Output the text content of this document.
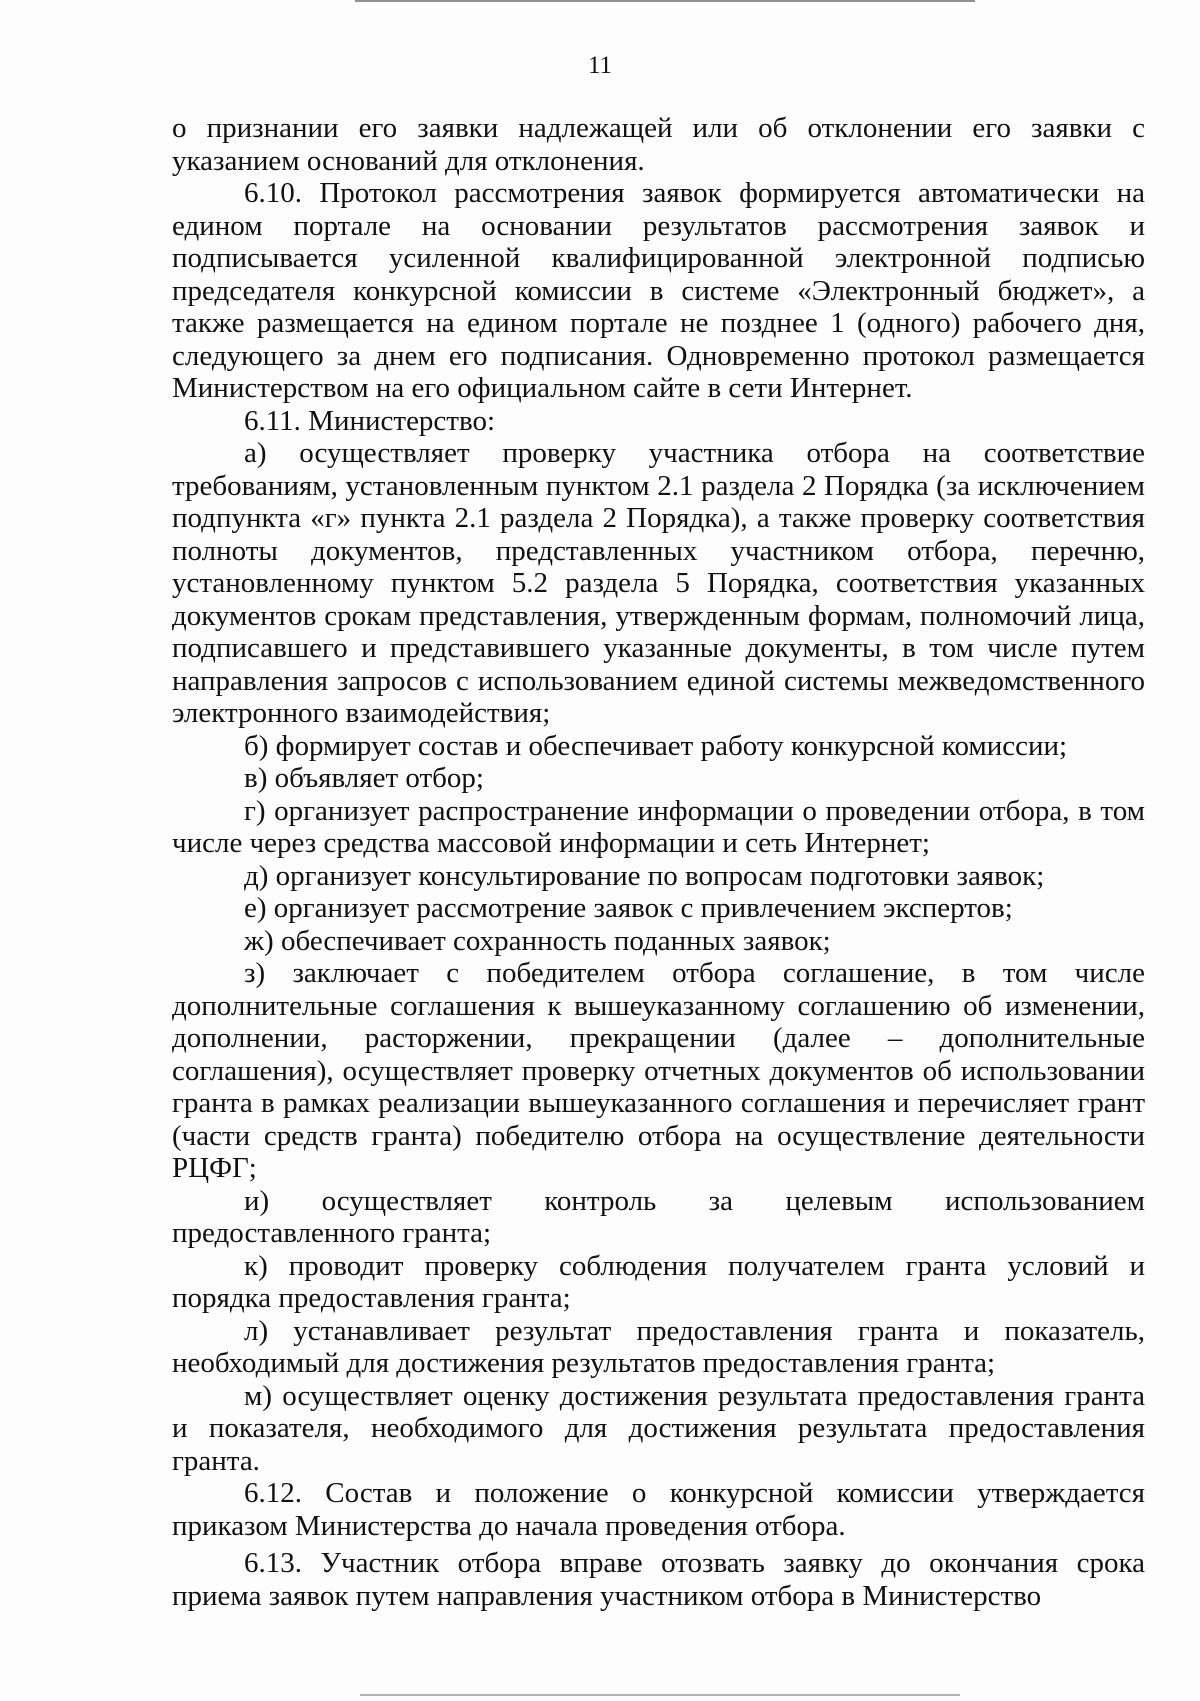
11

о признании его заявки надлежащей или об отклонении его заявки с указанием оснований для отклонения.

6.10. Протокол рассмотрения заявок формируется автоматически на едином портале на основании результатов рассмотрения заявок и подписывается усиленной квалифицированной электронной подписью председателя конкурсной комиссии в системе «Электронный бюджет», а также размещается на едином портале не позднее 1 (одного) рабочего дня, следующего за днем его подписания. Одновременно протокол размещается Министерством на его официальном сайте в сети Интернет.

6.11. Министерство:

а) осуществляет проверку участника отбора на соответствие требованиям, установленным пунктом 2.1 раздела 2 Порядка (за исключением подпункта «г» пункта 2.1 раздела 2 Порядка), а также проверку соответствия полноты документов, представленных участником отбора, перечню, установленному пунктом 5.2 раздела 5 Порядка, соответствия указанных документов срокам представления, утвержденным формам, полномочий лица, подписавшего и представившего указанные документы, в том числе путем направления запросов с использованием единой системы межведомственного электронного взаимодействия;

б) формирует состав и обеспечивает работу конкурсной комиссии;

в) объявляет отбор;

г) организует распространение информации о проведении отбора, в том числе через средства массовой информации и сеть Интернет;

д) организует консультирование по вопросам подготовки заявок;

е) организует рассмотрение заявок с привлечением экспертов;

ж) обеспечивает сохранность поданных заявок;

з) заключает с победителем отбора соглашение, в том числе дополнительные соглашения к вышеуказанному соглашению об изменении, дополнении, расторжении, прекращении (далее – дополнительные соглашения), осуществляет проверку отчетных документов об использовании гранта в рамках реализации вышеуказанного соглашения и перечисляет грант (части средств гранта) победителю отбора на осуществление деятельности РЦФГ;

и) осуществляет контроль за целевым использованием предоставленного гранта;

к) проводит проверку соблюдения получателем гранта условий и порядка предоставления гранта;

л) устанавливает результат предоставления гранта и показатель, необходимый для достижения результатов предоставления гранта;

м) осуществляет оценку достижения результата предоставления гранта и показателя, необходимого для достижения результата предоставления гранта.

6.12. Состав и положение о конкурсной комиссии утверждается приказом Министерства до начала проведения отбора.

6.13. Участник отбора вправе отозвать заявку до окончания срока приема заявок путем направления участником отбора в Министерство
